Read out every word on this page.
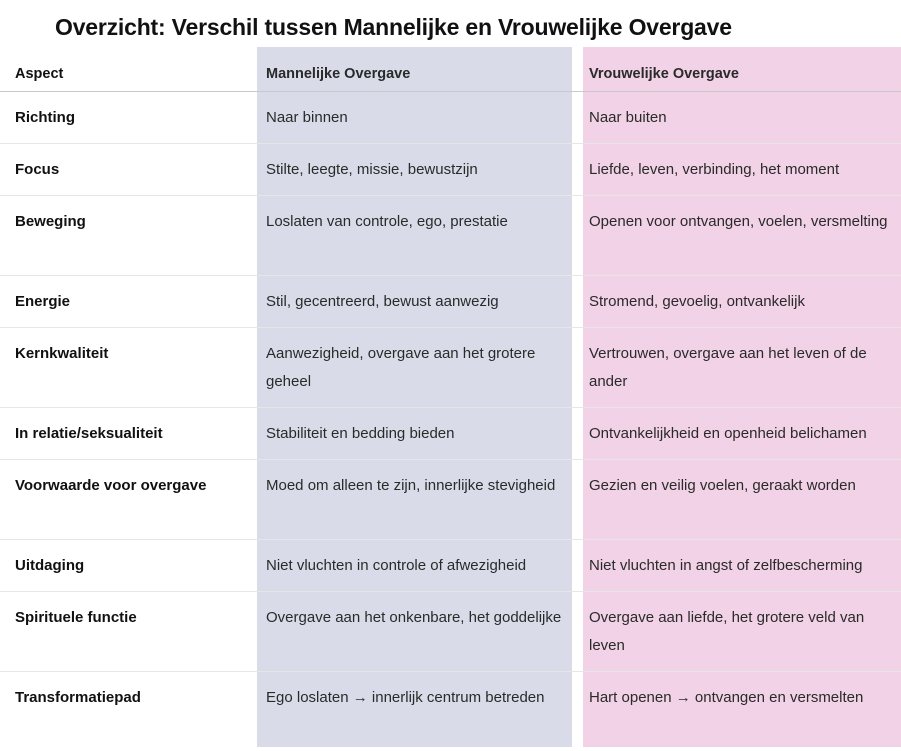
Overzicht: Verschil tussen Mannelijke en Vrouwelijke Overgave
Aspect	Mannelijke Overgave		Vrouwelijke Overgave
Richting	Naar binnen		Naar buiten
Focus	Stilte, leegte, missie, bewustzijn		Liefde, leven, verbinding, het moment
Beweging	Loslaten van controle, ego, prestatie		Openen voor ontvangen, voelen, versmelting
Energie	Stil, gecentreerd, bewust aanwezig		Stromend, gevoelig, ontvankelijk
Kernkwaliteit	Aanwezigheid, overgave aan het grotere geheel		Vertrouwen, overgave aan het leven of de ander
In relatie/seksualiteit	Stabiliteit en bedding bieden		Ontvankelijkheid en openheid belichamen
Voorwaarde voor overgave	Moed om alleen te zijn, innerlijke stevigheid		Gezien en veilig voelen, geraakt worden
Uitdaging	Niet vluchten in controle of afwezigheid		Niet vluchten in angst of zelfbescherming
Spirituele functie	Overgave aan het onkenbare, het goddelijke		Overgave aan liefde, het grotere veld van leven
Transformatiepad	Ego loslaten → innerlijk centrum betreden		Hart openen → ontvangen en versmelten
